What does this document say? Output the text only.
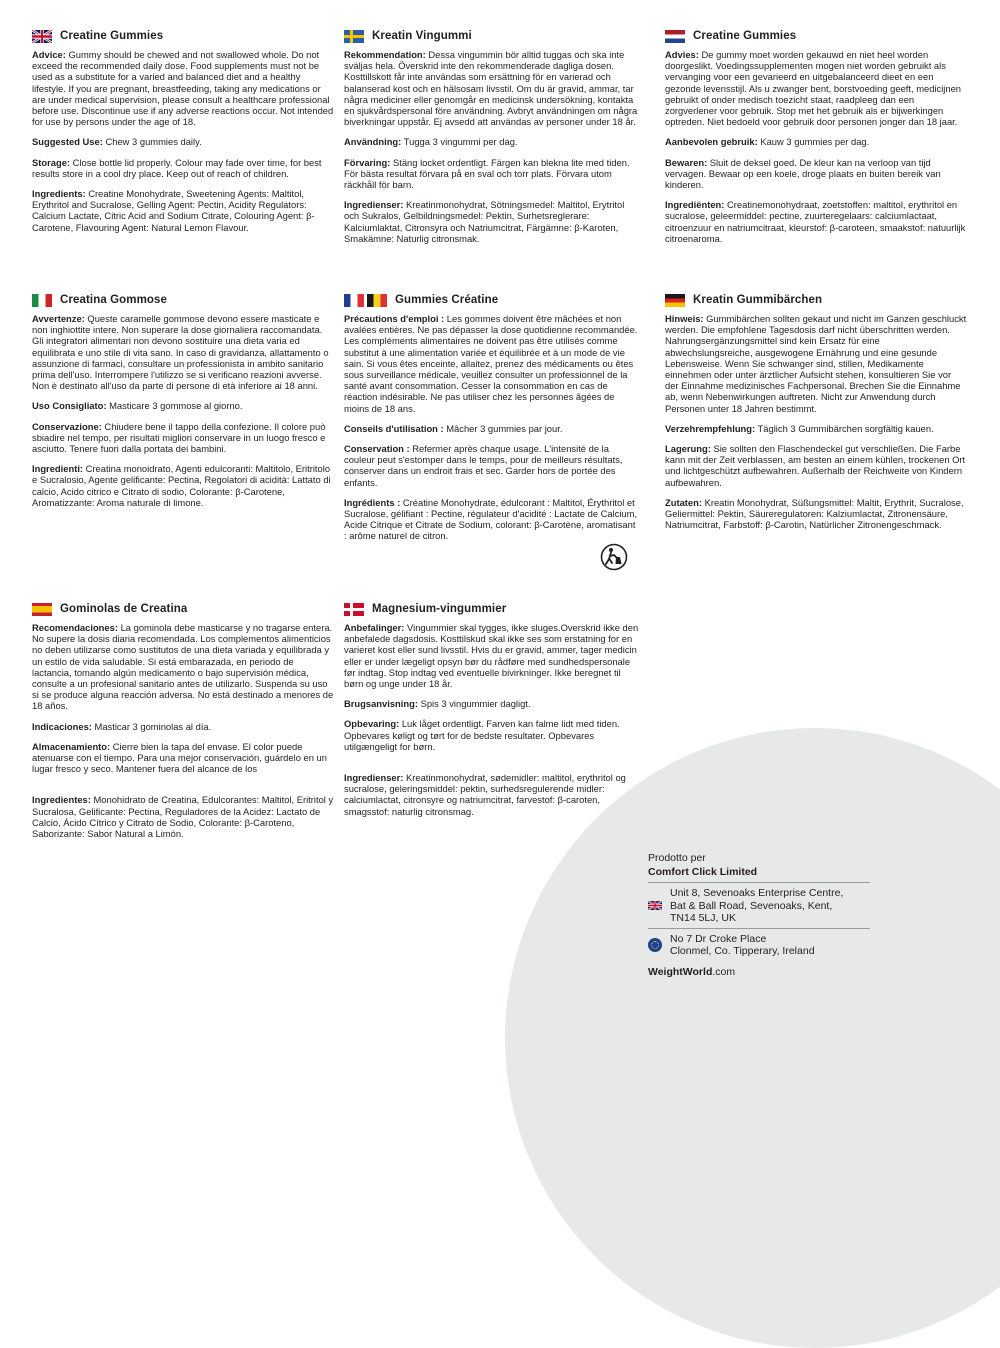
Creatine Gummies

Advice: Gummy should be chewed and not swallowed whole. Do not exceed the recommended daily dose. Food supplements must not be used as a substitute for a varied and balanced diet and a healthy lifestyle. If you are pregnant, breastfeeding, taking any medications or are under medical supervision, please consult a healthcare professional before use. Discontinue use if any adverse reactions occur. Not intended for use by persons under the age of 18.

Suggested Use: Chew 3 gummies daily.

Storage: Close bottle lid properly. Colour may fade over time, for best results store in a cool dry place. Keep out of reach of children.

Ingredients: Creatine Monohydrate, Sweetening Agents: Maltitol, Erythritol and Sucralose, Gelling Agent: Pectin, Acidity Regulators: Calcium Lactate, Citric Acid and Sodium Citrate, Colouring Agent: β-Carotene, Flavouring Agent: Natural Lemon Flavour.

Kreatin Vingummi

Rekommendation: Dessa vingummin bör alltid tuggas och ska inte sväljas hela. Överskrid inte den rekommenderade dagliga dosen. Kosttillskott får inte användas som ersättning för en varierad och balanserad kost och en hälsosam livsstil. Om du är gravid, ammar, tar några mediciner eller genomgår en medicinsk undersökning, kontakta en sjukvårdspersonal före användning. Avbryt användningen om några biverkningar uppstår. Ej avsedd att användas av personer under 18 år.

Användning: Tugga 3 vingummi per dag.

Förvaring: Stäng locket ordentligt. Färgen kan blekna lite med tiden. För bästa resultat förvara på en sval och torr plats. Förvara utom räckhåll för barn.

Ingredienser: Kreatinmonohydrat, Sötningsmedel: Maltitol, Erytritol och Sukralos, Gelbildningsmedel: Pektin, Surhetsreglerare: Kalciumlaktat, Citronsyra och Natriumcitrat, Färgämne: β-Karoten, Smakämne: Naturlig citronsmak.

Creatine Gummies

Advies: De gummy moet worden gekauwd en niet heel worden doorgeslikt. Voedingssupplementen mogen niet worden gebruikt als vervanging voor een gevarieerd en uitgebalanceerd dieet en een gezonde levensstijl. Als u zwanger bent, borstvoeding geeft, medicijnen gebruikt of onder medisch toezicht staat, raadpleeg dan een zorgverlener voor gebruik. Stop met het gebruik als er bijwerkingen optreden. Niet bedoeld voor gebruik door personen jonger dan 18 jaar.

Aanbevolen gebruik: Kauw 3 gummies per dag.

Bewaren: Sluit de deksel goed. De kleur kan na verloop van tijd vervagen. Bewaar op een koele, droge plaats en buiten bereik van kinderen.

Ingrediënten: Creatinemonohydraat, zoetstoffen: maltitol, erythritol en sucralose, geleermiddel: pectine, zuurteregelaars: calciumlactaat, citroenzuur en natriumcitraat, kleurstof: β-caroteen, smaakstof: natuurlijk citroenaroma.

Creatina Gommose

Avvertenze: Queste caramelle gommose devono essere masticate e non inghiottite intere. Non superare la dose giornaliera raccomandata. Gli integratori alimentari non devono sostituire una dieta varia ed equilibrata e uno stile di vita sano. In caso di gravidanza, allattamento o assunzione di farmaci, consultare un professionista in ambito sanitario prima dell'uso. Interrompere l'utilizzo se si verificano reazioni avverse. Non è destinato all'uso da parte di persone di età inferiore ai 18 anni.

Uso Consigliato: Masticare 3 gommose al giorno.

Conservazione: Chiudere bene il tappo della confezione. Il colore può sbiadire nel tempo, per risultati migliori conservare in un luogo fresco e asciutto. Tenere fuori dalla portata dei bambini.

Ingredienti: Creatina monoidrato, Agenti edulcoranti: Maltitolo, Eritritolo e Sucralosio, Agente gelificante: Pectina, Regolatori di acidità: Lattato di calcio, Acido citrico e Citrato di sodio, Colorante: β-Carotene, Aromatizzante: Aroma naturale di limone.

Gummies Créatine

Précautions d'emploi : Les gommes doivent être mâchées et non avalées entières. Ne pas dépasser la dose quotidienne recommandée. Les compléments alimentaires ne doivent pas être utilisés comme substitut à une alimentation variée et équilibrée et à un mode de vie sain. Si vous êtes enceinte, allaitez, prenez des médicaments ou êtes sous surveillance médicale, veuillez consulter un professionnel de la santé avant consommation. Cesser la consommation en cas de réaction indésirable. Ne pas utiliser chez les personnes âgées de moins de 18 ans.

Conseils d'utilisation : Mâcher 3 gummies par jour.

Conservation : Refermer après chaque usage. L'intensité de la couleur peut s'estomper dans le temps, pour de meilleurs résultats, conserver dans un endroit frais et sec. Garder hors de portée des enfants.

Ingrédients : Créatine Monohydrate, édulcorant : Maltitol, Érythritol et Sucralose, gélifiant : Pectine, régulateur d'acidité : Lactate de Calcium, Acide Citrique et Citrate de Sodium, colorant: β-Carotène, aromatisant : arôme naturel de citron.

Kreatin Gummibärchen

Hinweis: Gummibärchen sollten gekaut und nicht im Ganzen geschluckt werden. Die empfohlene Tagesdosis darf nicht überschritten werden. Nahrungsergänzungsmittel sind kein Ersatz für eine abwechslungsreiche, ausgewogene Ernährung und eine gesunde Lebensweise. Wenn Sie schwanger sind, stillen, Medikamente einnehmen oder unter ärztlicher Aufsicht stehen, konsultieren Sie vor der Einnahme medizinisches Fachpersonal. Brechen Sie die Einnahme ab, wenn Nebenwirkungen auftreten. Nicht zur Anwendung durch Personen unter 18 Jahren bestimmt.

Verzehrempfehlung: Täglich 3 Gummibärchen sorgfältig kauen.

Lagerung: Sie sollten den Flaschendeckel gut verschließen. Die Farbe kann mit der Zeit verblassen, am besten an einem kühlen, trockenen Ort und lichtgeschützt aufbewahren. Außerhalb der Reichweite von Kindern aufbewahren.

Zutaten: Kreatin Monohydrat, Süßungsmittel: Maltit, Erythrit, Sucralose, Geliermittel: Pektin, Säureregulatoren: Kalziumlactat, Zitronensäure, Natriumcitrat, Farbstoff: β-Carotin, Natürlicher Zitronengeschmack.

Gominolas de Creatina

Recomendaciones: La gominola debe masticarse y no tragarse entera. No supere la dosis diaria recomendada. Los complementos alimenticios no deben utilizarse como sustitutos de una dieta variada y equilibrada y un estilo de vida saludable. Si está embarazada, en periodo de lactancia, tomando algún medicamento o bajo supervisión médica, consulte a un profesional sanitario antes de utilizarlo. Suspenda su uso si se produce alguna reacción adversa. No está destinado a menores de 18 años.

Indicaciones: Masticar 3 gominolas al día.

Almacenamiento: Cierre bien la tapa del envase. El color puede atenuarse con el tiempo. Para una mejor conservación, guárdelo en un lugar fresco y seco. Mantener fuera del alcance de los

Ingredientes: Monohidrato de Creatina, Edulcorantes: Maltitol, Eritritol y Sucralosa, Gelificante: Pectina, Reguladores de la Acidez: Lactato de Calcio, Ácido Cítrico y Citrato de Sodio, Colorante: β-Caroteno, Saborizante: Sabor Natural a Limón.

Magnesium-vingummier

Anbefalinger: Vingummier skal tygges, ikke sluges.Overskrid ikke den anbefalede dagsdosis. Kosttilskud skal ikke ses som erstatning for en varieret kost eller sund livsstil. Hvis du er gravid, ammer, tager medicin eller er under lægeligt opsyn bør du rådføre med sundhedspersonale før indtag. Stop indtag ved eventuelle bivirkninger. Ikke beregnet til børn og unge under 18 år.

Brugsanvisning: Spis 3 vingummier dagligt.

Opbevaring: Luk låget ordentligt. Farven kan falme lidt med tiden. Opbevares køligt og tørt for de bedste resultater. Opbevares utilgængeligt for børn.

Ingredienser: Kreatinmonohydrat, sødemidler: maltitol, erythritol og sucralose, geleringsmiddel: pektin, surhedsregulerende midler: calciumlactat, citronsyre og natriumcitrat, farvestof: β-caroten, smagsstof: naturlig citronsmag.

Prodotto per

Comfort Click Limited

Unit 8, Sevenoaks Enterprise Centre,
Bat & Ball Road, Sevenoaks, Kent,
TN14 5LJ, UK
No 7 Dr Croke Place
Clonmel, Co. Tipperary, Ireland
WeightWorld.com
